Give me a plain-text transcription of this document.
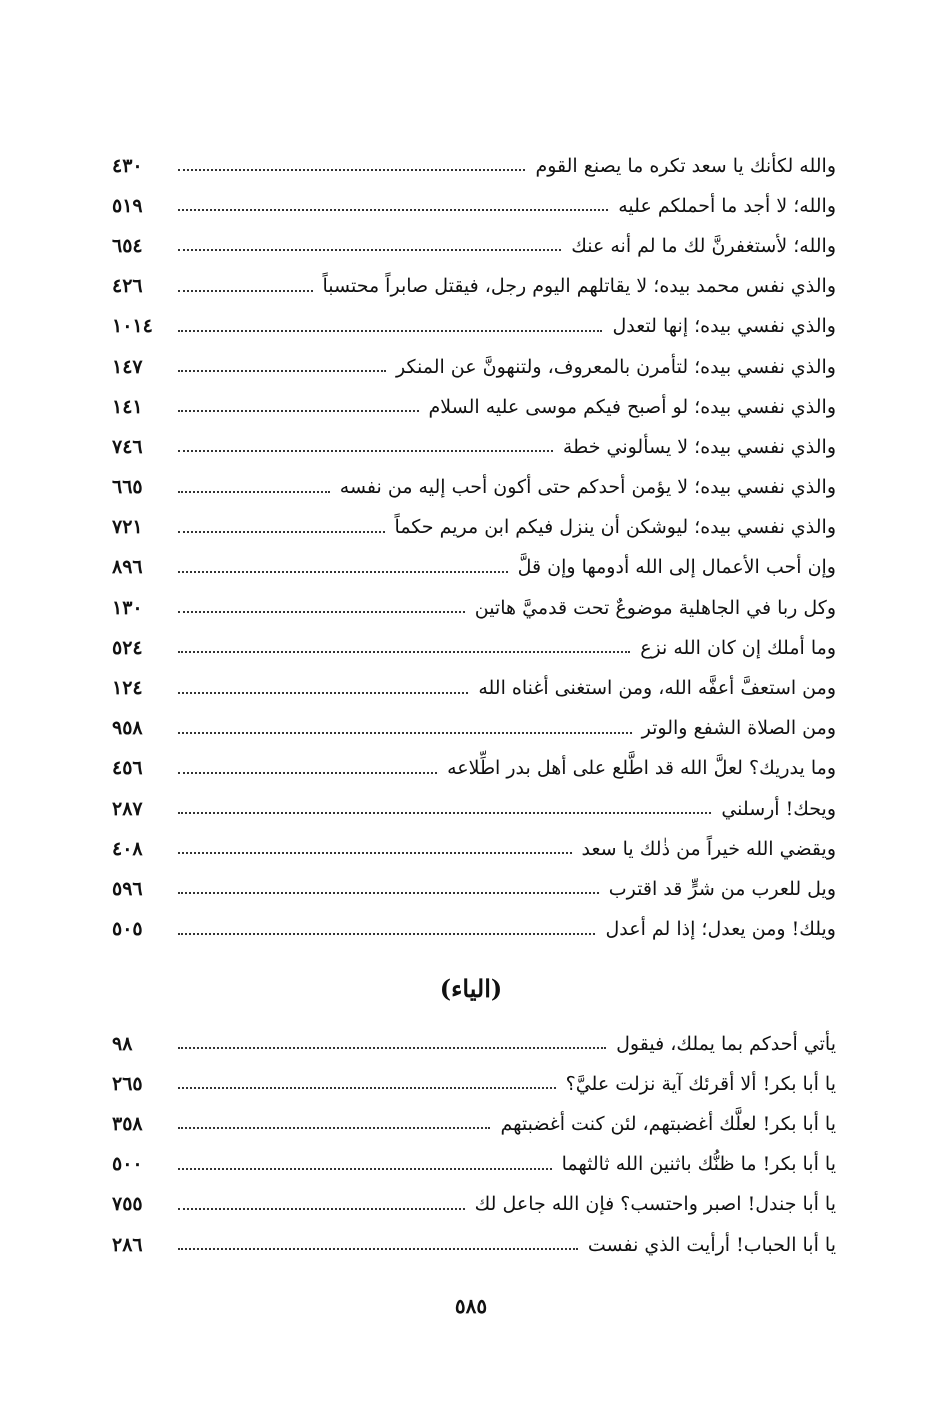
والله لكأنك يا سعد تكره ما يصنع القوم
٤٣٠
والله؛ لا أجد ما أحملكم عليه
٥١٩
والله؛ لأستغفرنَّ لك ما لم أنه عنك
٦٥٤
والذي نفس محمد بيده؛ لا يقاتلهم اليوم رجل، فيقتل صابراً محتسباً
٤٢٦
والذي نفسي بيده؛ إنها لتعدل
١٠١٤
والذي نفسي بيده؛ لتأمرن بالمعروف، ولتنهونَّ عن المنكر
١٤٧
والذي نفسي بيده؛ لو أصبح فيكم موسى عليه السلام
١٤١
والذي نفسي بيده؛ لا يسألوني خطة
٧٤٦
والذي نفسي بيده؛ لا يؤمن أحدكم حتى أكون أحب إليه من نفسه
٦٦٥
والذي نفسي بيده؛ ليوشكن أن ينزل فيكم ابن مريم حكماً
٧٢١
وإن أحب الأعمال إلى الله أدومها وإن قلَّ
٨٩٦
وكل ربا في الجاهلية موضوعٌ تحت قدميَّ هاتين
١٣٠
وما أملك إن كان الله نزع
٥٢٤
ومن استعفَّ أعفَّه الله، ومن استغنى أغناه الله
١٢٤
ومن الصلاة الشفع والوتر
٩٥٨
وما يدريك؟ لعلَّ الله قد اطَّلع على أهل بدر اطِّلاعه
٤٥٦
ويحك! أرسلني
٢٨٧
ويقضي الله خيراً من ذٰلك يا سعد
٤٠٨
ويل للعرب من شرٍّ قد اقترب
٥٩٦
ويلك! ومن يعدل؛ إذا لم أعدل
٥٠٥
(الياء)
يأتي أحدكم بما يملك، فيقول
٩٨
يا أبا بكر! ألا أقرئك آية نزلت عليَّ؟
٢٦٥
يا أبا بكر! لعلَّك أغضبتهم، لئن كنت أغضبتهم
٣٥٨
يا أبا بكر! ما ظنُّك باثنين الله ثالثهما
٥٠٠
يا أبا جندل! اصبر واحتسب؟ فإن الله جاعل لك
٧٥٥
يا أبا الحباب! أرأيت الذي نفست
٢٨٦
٥٨٥
